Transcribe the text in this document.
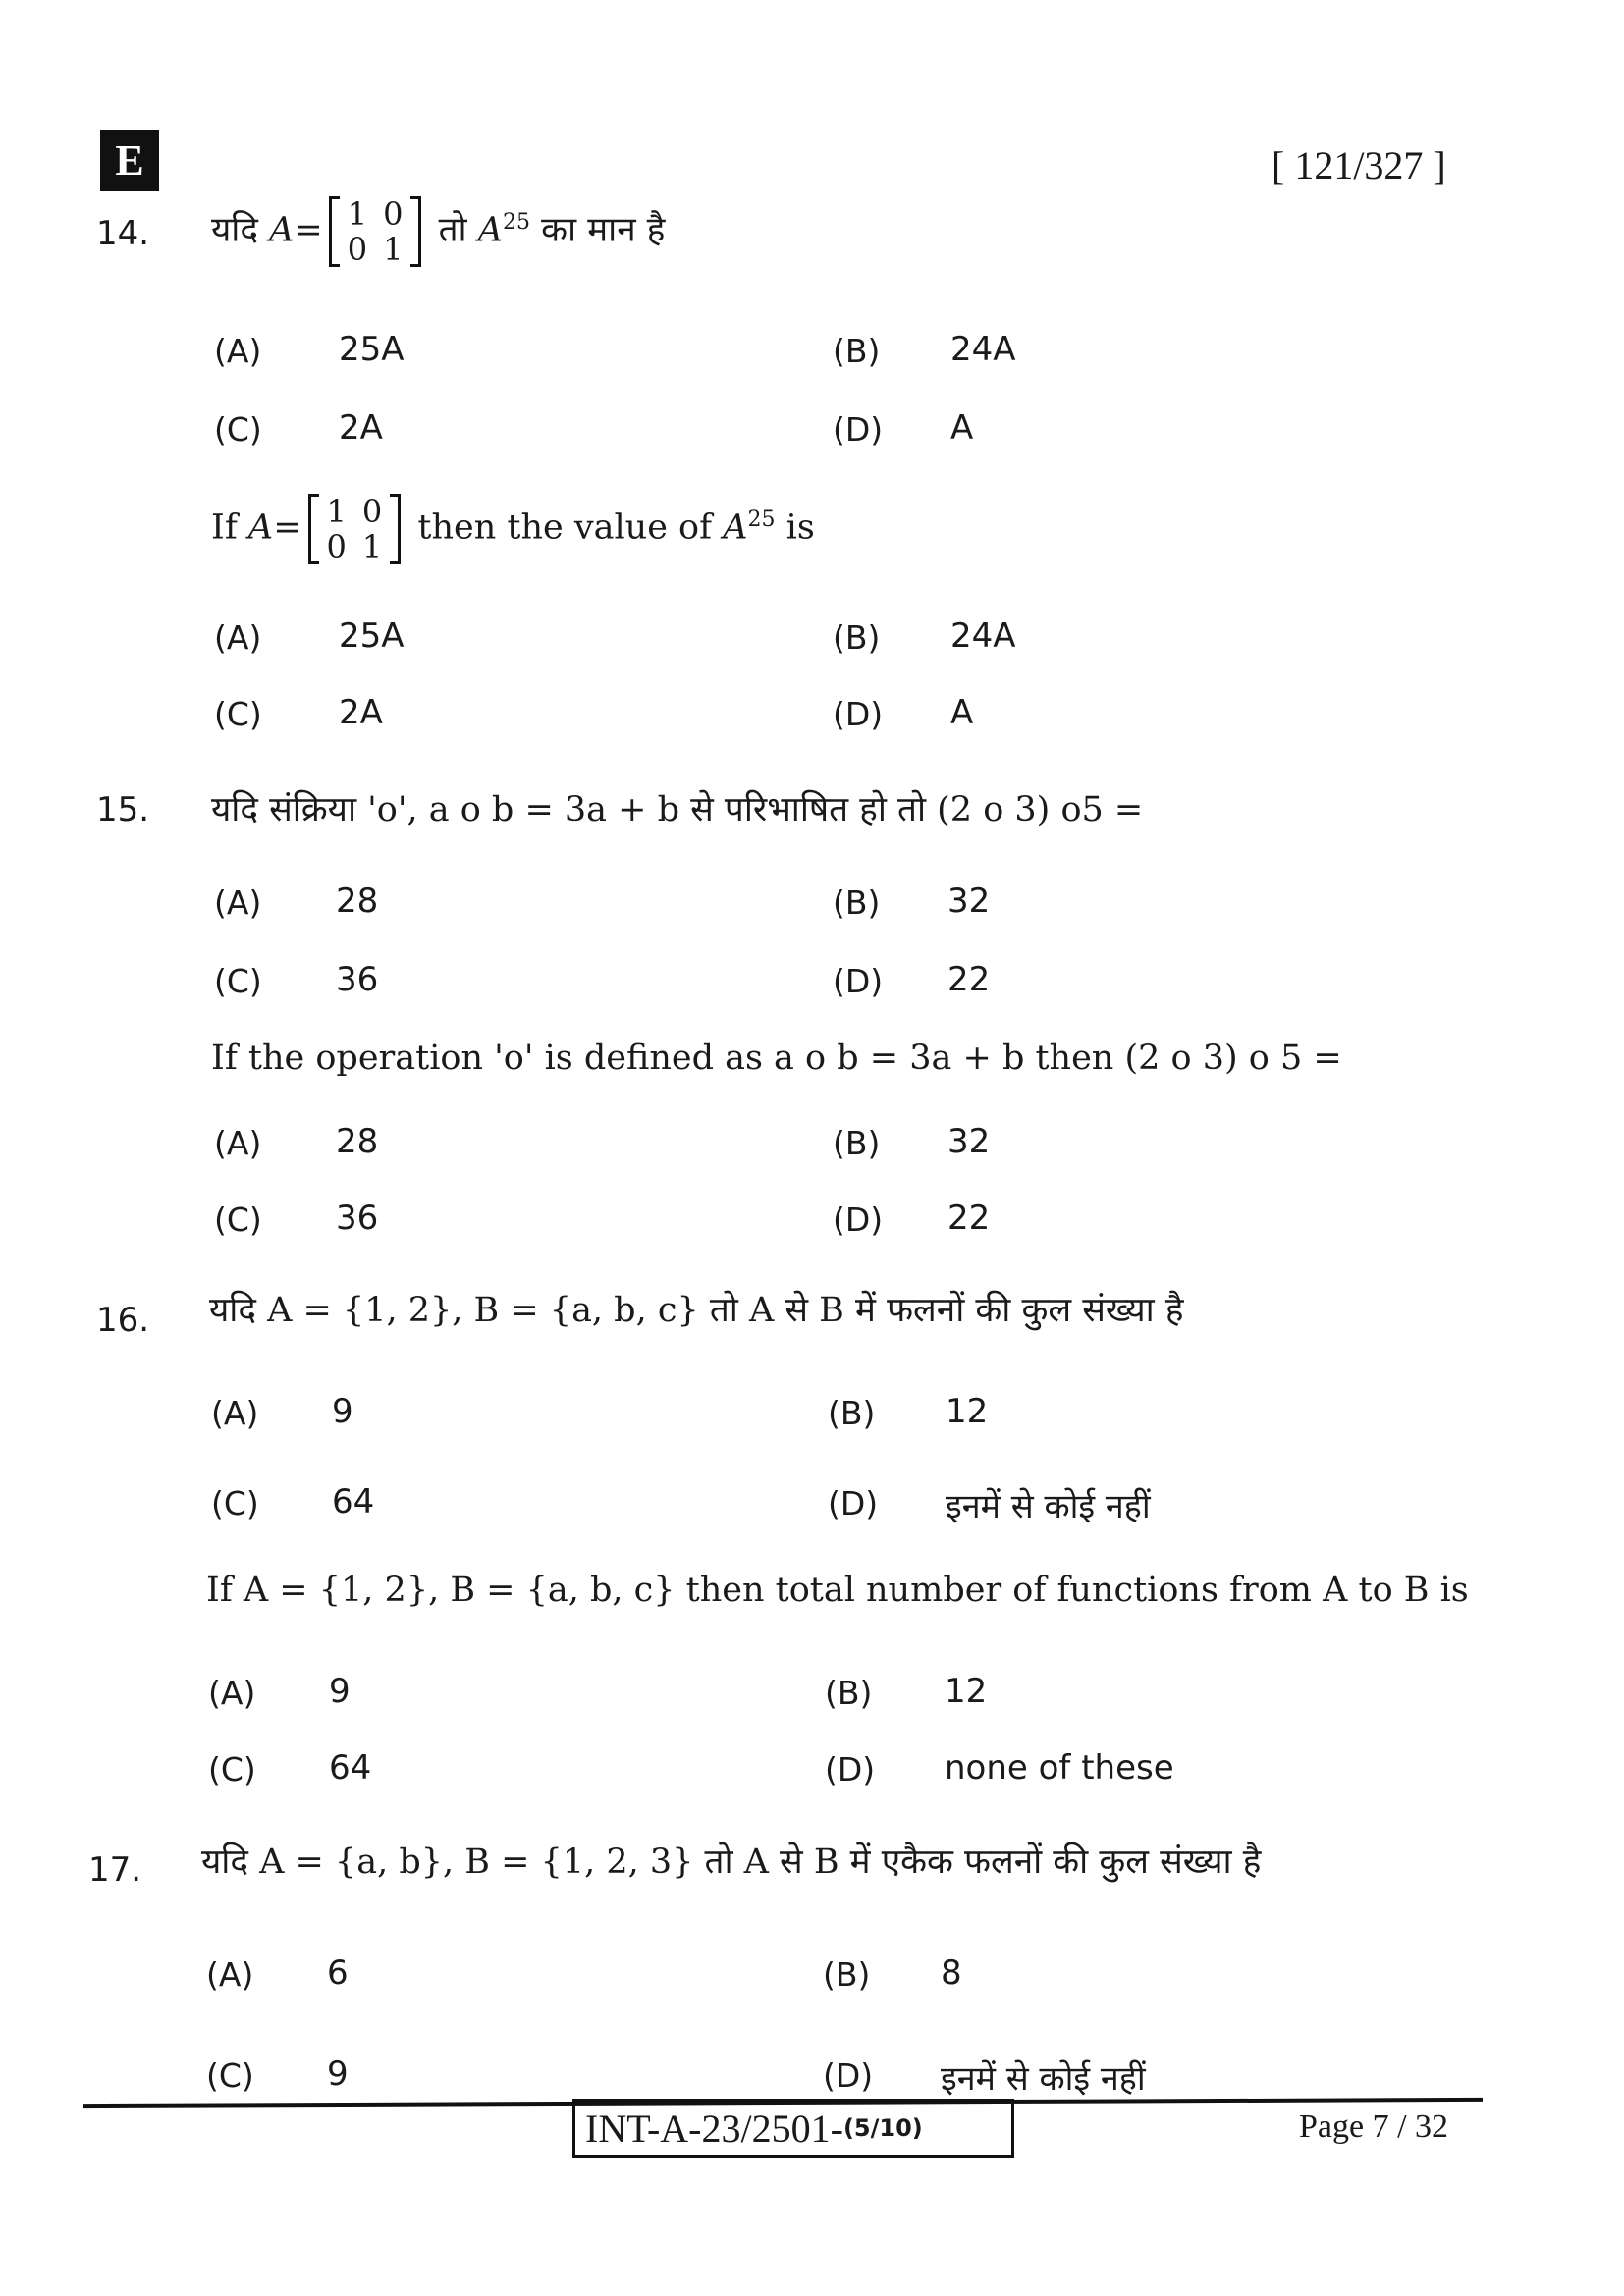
E	[ 121/327 ]
14. यदि A= 1
0
0
1 तो $A^{25}$ का मान है
If A= 1
0
0
1 then the value of $A^{25}$ is
15. यदि संक्रिया 'o', a o b = 3a + b से परिभाषित हो तो (2 o 3) o5 =
If the operation 'o' is defined as a o b = 3a + b then (2 o 3) o 5 =
16. यदि A = {1, 2}, B = {a, b, c} तो A से B में फलनों की कुल संख्या है
If A = {1, 2}, B = {a, b, c} then total number of functions from A to B is
17. यदि A = {a, b}, B = {1, 2, 3} तो A से B में एकैक फलनों की कुल संख्या है
(A) 25A	(B) 24A
(C) 2A	(D) A
(A) 25A	(B) 24A
(C) 2A	(D) A
(A) 28	(B) 32
(C) 36	(D) 22
(A) 28	(B) 32
(C) 36	(D) 22
(A) 9	(B) 12
(C) 64	(D) इनमें से कोई नहीं
(A) 9	(B) 12
(C) 64	(D) none of these
(A) 6	(B) 8
(C) 9	(D) इनमें से कोई नहीं
INT-A-23/2501- (5/10)	Page 7 / 32
